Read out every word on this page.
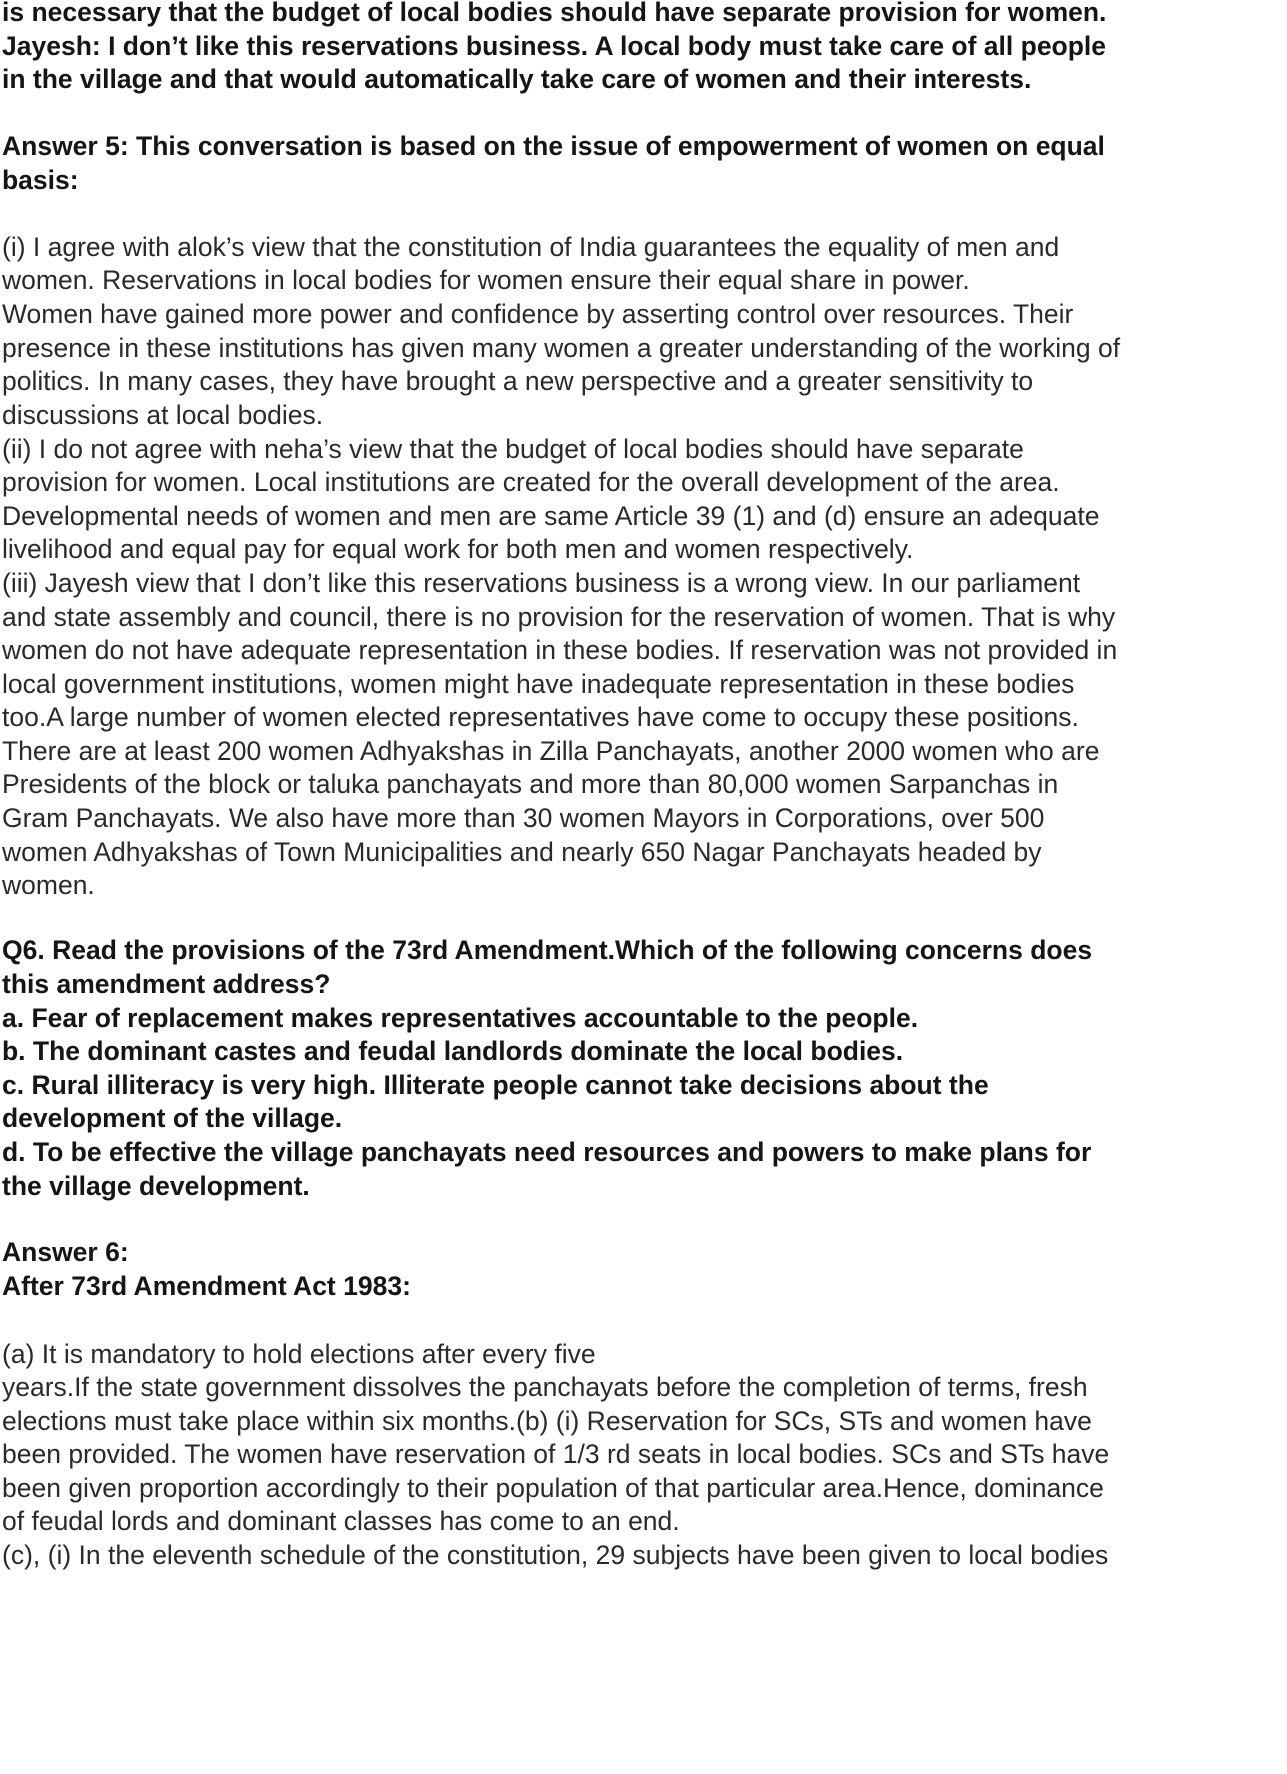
is necessary that the budget of local bodies should have separate provision for women.
Jayesh: I don’t like this reservations business. A local body must take care of all people
in the village and that would automatically take care of women and their interests.
Answer 5: This conversation is based on the issue of empowerment of women on equal
basis:
(i) I agree with alok’s view that the constitution of India guarantees the equality of men and
women. Reservations in local bodies for women ensure their equal share in power.
Women have gained more power and confidence by asserting control over resources. Their
presence in these institutions has given many women a greater understanding of the working of
politics. In many cases, they have brought a new perspective and a greater sensitivity to
discussions at local bodies.
(ii) I do not agree with neha’s view that the budget of local bodies should have separate
provision for women. Local institutions are created for the overall development of the area.
Developmental needs of women and men are same Article 39 (1) and (d) ensure an adequate
livelihood and equal pay for equal work for both men and women respectively.
(iii) Jayesh view that I don’t like this reservations business is a wrong view. In our parliament
and state assembly and council, there is no provision for the reservation of women. That is why
women do not have adequate representation in these bodies. If reservation was not provided in
local government institutions, women might have inadequate representation in these bodies
too.A large number of women elected representatives have come to occupy these positions.
There are at least 200 women Adhyakshas in Zilla Panchayats, another 2000 women who are
Presidents of the block or taluka panchayats and more than 80,000 women Sarpanchas in
Gram Panchayats. We also have more than 30 women Mayors in Corporations, over 500
women Adhyakshas of Town Municipalities and nearly 650 Nagar Panchayats headed by
women.
Q6. Read the provisions of the 73rd Amendment.Which of the following concerns does
this amendment address?
a. Fear of replacement makes representatives accountable to the people.
b. The dominant castes and feudal landlords dominate the local bodies.
c. Rural illiteracy is very high. Illiterate people cannot take decisions about the
development of the village.
d. To be effective the village panchayats need resources and powers to make plans for
the village development.
Answer 6:
After 73rd Amendment Act 1983:
(a) It is mandatory to hold elections after every five
years.If the state government dissolves the panchayats before the completion of terms, fresh
elections must take place within six months.(b) (i) Reservation for SCs, STs and women have
been provided. The women have reservation of 1/3 rd seats in local bodies. SCs and STs have
been given proportion accordingly to their population of that particular area.Hence, dominance
of feudal lords and dominant classes has come to an end.
(c), (i) In the eleventh schedule of the constitution, 29 subjects have been given to local bodies
